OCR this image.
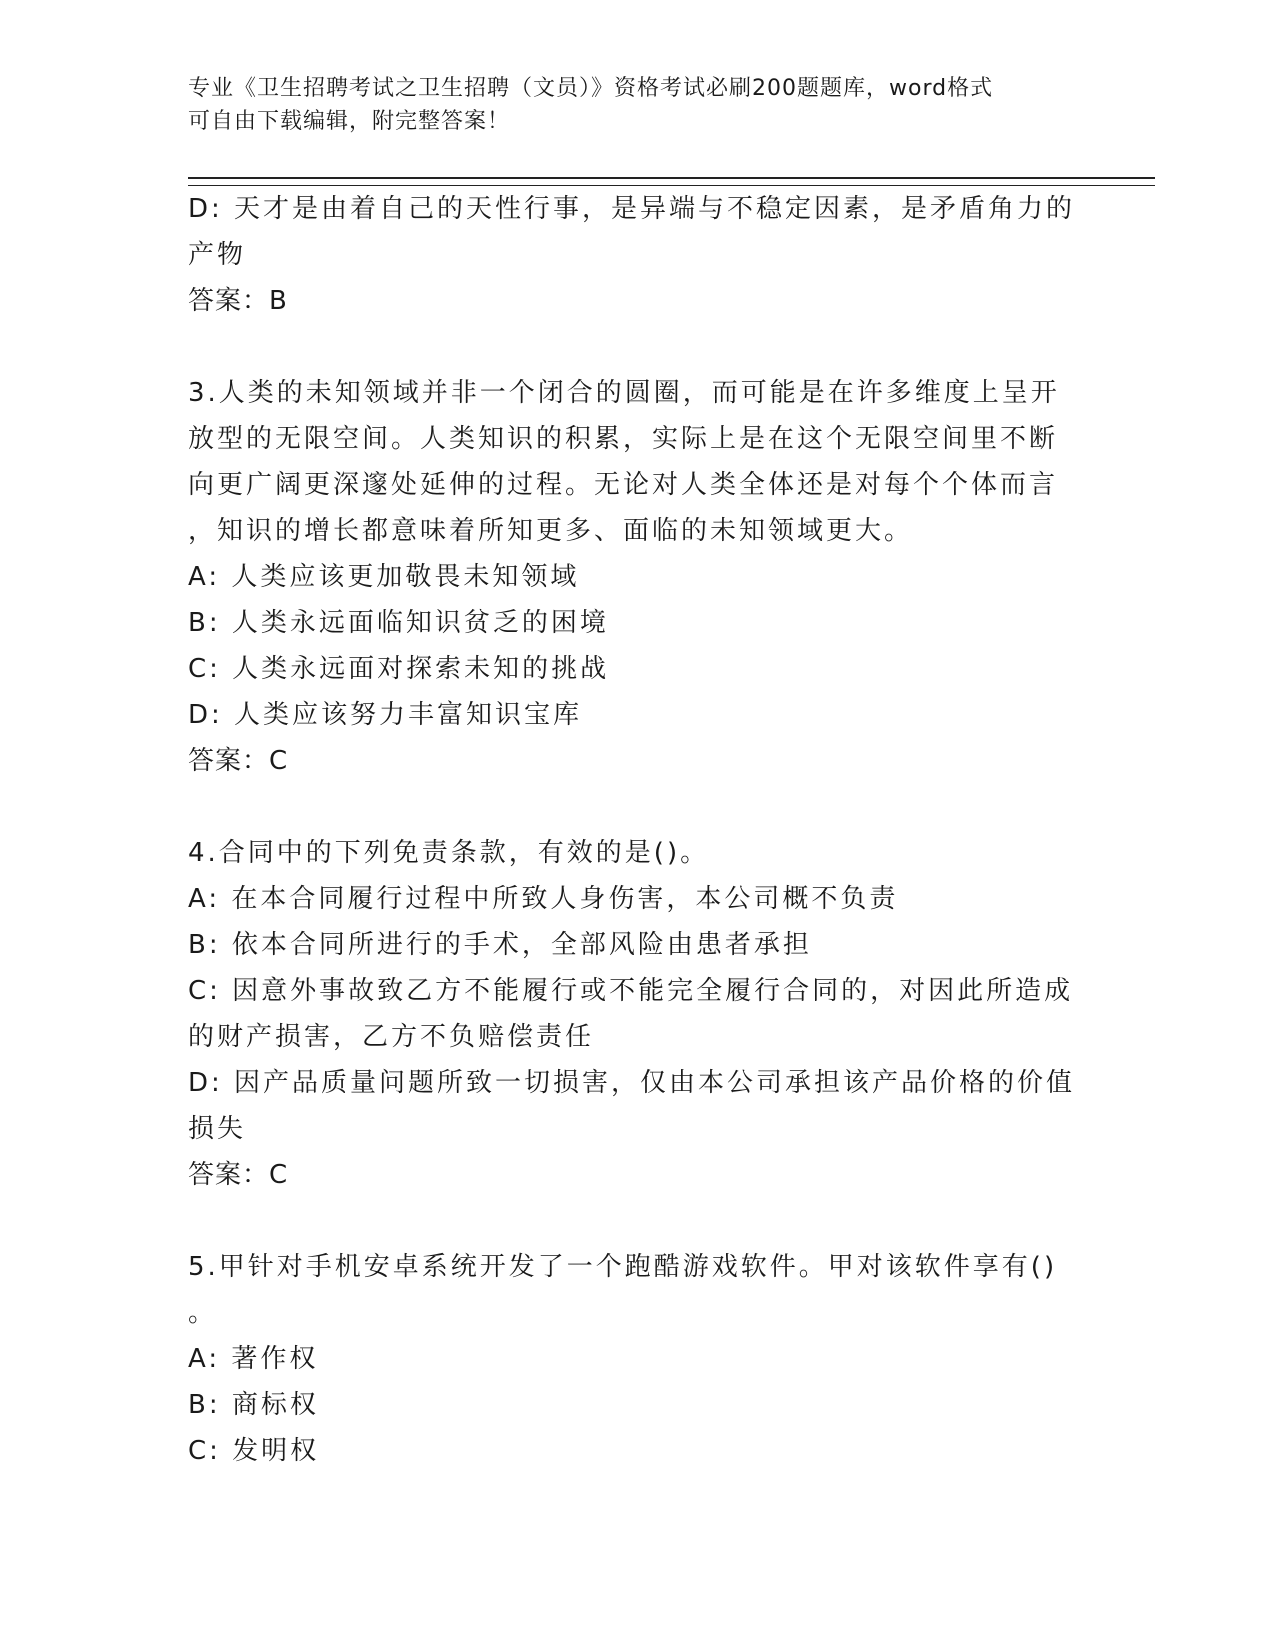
专业《卫生招聘考试之卫生招聘（文员）》资格考试必刷200题题库，word格式
可自由下载编辑，附完整答案！
D: 天才是由着自己的天性行事，是异端与不稳定因素，是矛盾角力的
产物
答案：B
3.人类的未知领域并非一个闭合的圆圈，而可能是在许多维度上呈开
放型的无限空间。人类知识的积累，实际上是在这个无限空间里不断
向更广阔更深邃处延伸的过程。无论对人类全体还是对每个个体而言
，知识的增长都意味着所知更多、面临的未知领域更大。
A: 人类应该更加敬畏未知领域
B: 人类永远面临知识贫乏的困境
C: 人类永远面对探索未知的挑战
D: 人类应该努力丰富知识宝库
答案：C
4.合同中的下列免责条款，有效的是()。
A: 在本合同履行过程中所致人身伤害，本公司概不负责
B: 依本合同所进行的手术，全部风险由患者承担
C: 因意外事故致乙方不能履行或不能完全履行合同的，对因此所造成
的财产损害，乙方不负赔偿责任
D: 因产品质量问题所致一切损害，仅由本公司承担该产品价格的价值
损失
答案：C
5.甲针对手机安卓系统开发了一个跑酷游戏软件。甲对该软件享有()
。
A: 著作权
B: 商标权
C: 发明权
